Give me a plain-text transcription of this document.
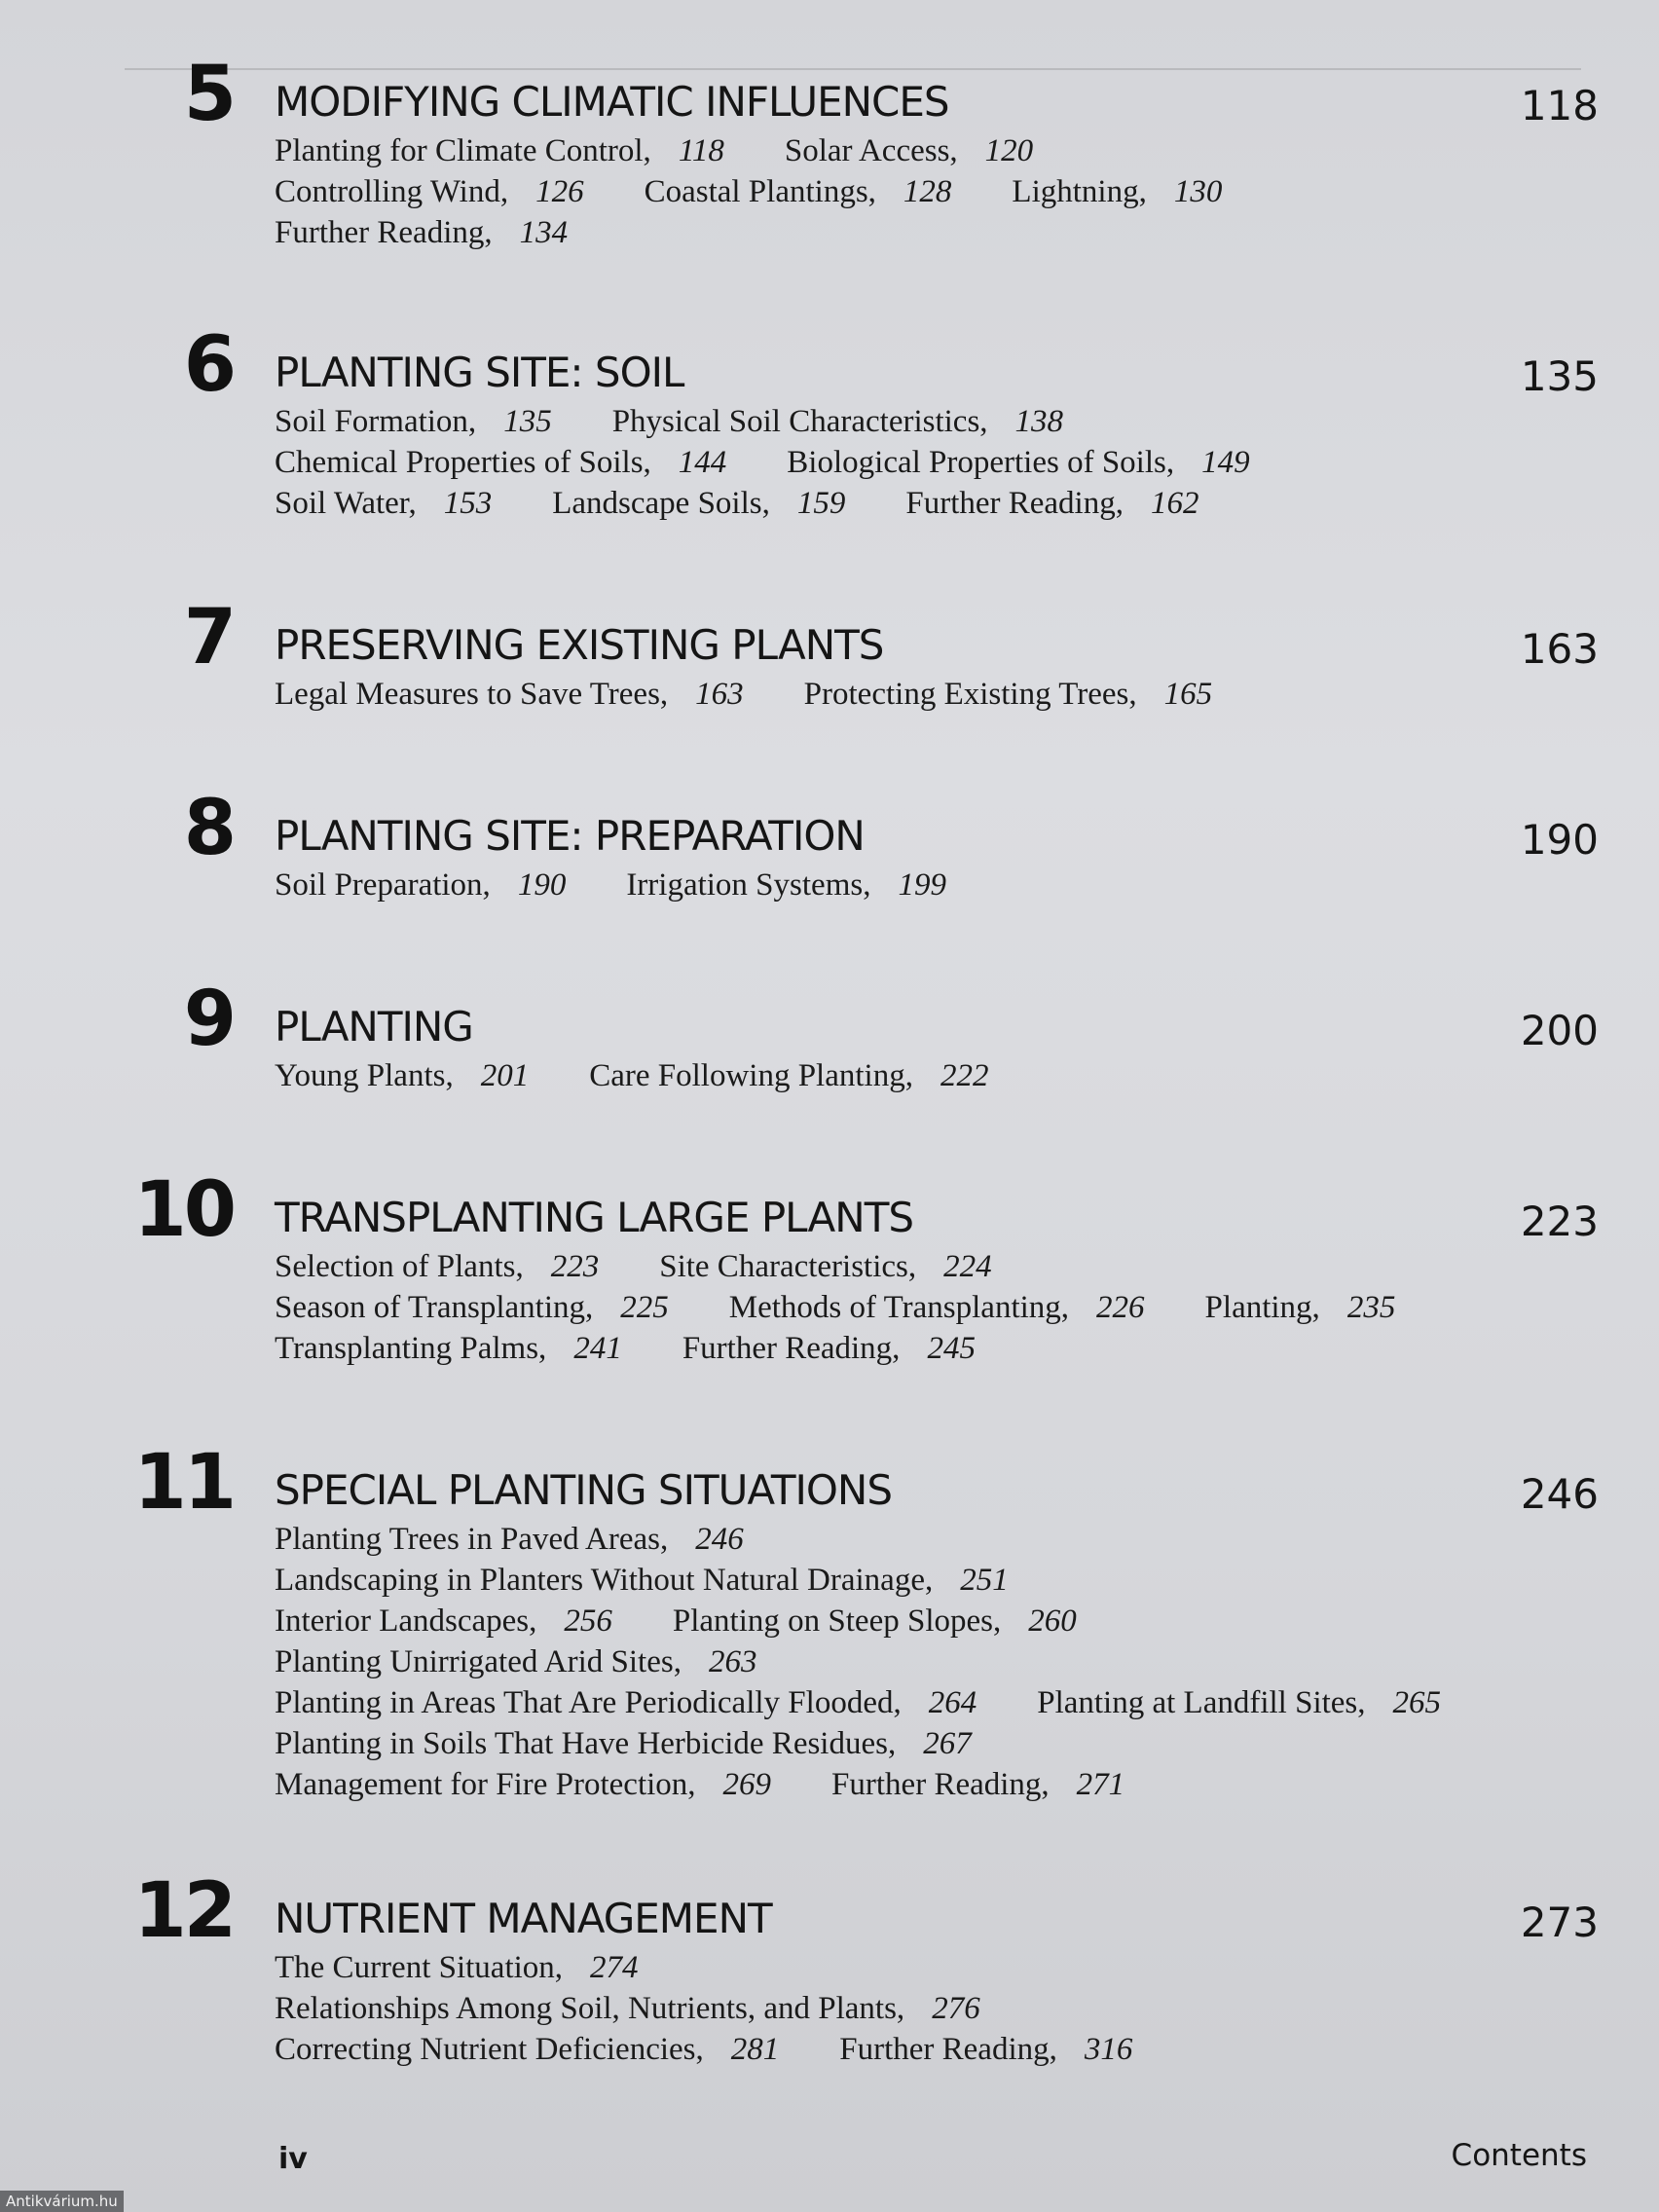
5 MODIFYING CLIMATIC INFLUENCES	118
Planting for Climate Control, 118 Solar Access, 120
Controlling Wind, 126 Coastal Plantings, 128 Lightning, 130
Further Reading, 134
6 PLANTING SITE: SOIL	135
Soil Formation, 135 Physical Soil Characteristics, 138
Chemical Properties of Soils, 144 Biological Properties of Soils, 149
Soil Water, 153 Landscape Soils, 159 Further Reading, 162
7 PRESERVING EXISTING PLANTS	163
Legal Measures to Save Trees, 163 Protecting Existing Trees, 165
8 PLANTING SITE: PREPARATION	190
Soil Preparation, 190 Irrigation Systems, 199
9 PLANTING	200
Young Plants, 201 Care Following Planting, 222
10 TRANSPLANTING LARGE PLANTS	223
Selection of Plants, 223 Site Characteristics, 224
Season of Transplanting, 225 Methods of Transplanting, 226 Planting, 235
Transplanting Palms, 241 Further Reading, 245
11 SPECIAL PLANTING SITUATIONS	246
Planting Trees in Paved Areas, 246
Landscaping in Planters Without Natural Drainage, 251
Interior Landscapes, 256 Planting on Steep Slopes, 260
Planting Unirrigated Arid Sites, 263
Planting in Areas That Are Periodically Flooded, 264 Planting at Landfill Sites, 265
Planting in Soils That Have Herbicide Residues, 267
Management for Fire Protection, 269 Further Reading, 271
12 NUTRIENT MANAGEMENT	273
The Current Situation, 274
Relationships Among Soil, Nutrients, and Plants, 276
Correcting Nutrient Deficiencies, 281 Further Reading, 316
iv	Contents
Antikvárium.hu
